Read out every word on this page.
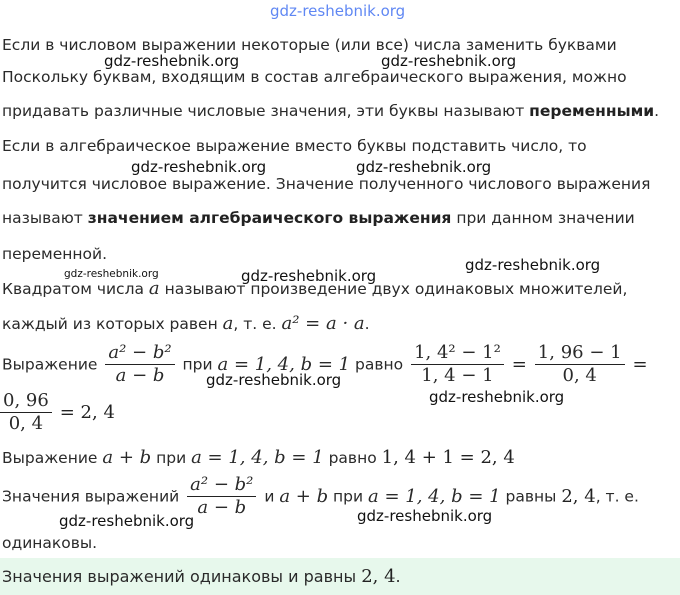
gdz-reshebnik.org
Если в числовом выражении некоторые (или все) числа заменить буквами
Поскольку буквам, входящим в состав алгебраического выражения, можно
придавать различные числовые значения, эти буквы называют переменными.
Если в алгебраическое выражение вместо буквы подставить число, то
получится числовое выражение. Значение полученного числового выражения
называют значением алгебраического выражения при данном значении
переменной.
Квадратом числа a называют произведение двух одинаковых множителей,
каждый из которых равен a, т. е. a² = a · a.
Выражение $\frac{\text{a² − b²}}{a - b}$ при a = 1, 4, b = 1 равно $\frac{\text{1, 4² − 1²}}{1, 4 - 1} = \frac{1, 96 - 1}{0, 4}$ =
$\frac{0, 96}{0, 4} = 2$, 4
Выражение a + b при a = 1, 4, b = 1 равно 1, 4 + 1 = 2, 4
Значения выражений $\frac{\text{a² − b²}}{a - b}$ и a + b при a = 1, 4, b = 1 равны 2, 4, т. е.
одинаковы.
Значения выражений одинаковы и равны 2, 4.
gdz-reshebnik.org	gdz-reshebnik.org
gdz-reshebnik.org	gdz-reshebnik.org
gdz-reshebnik.org	gdz-reshebnik.org
gdz-reshebnik.org
gdz-reshebnik.org
gdz-reshebnik.org
gdz-reshebnik.org	gdz-reshebnik.org
